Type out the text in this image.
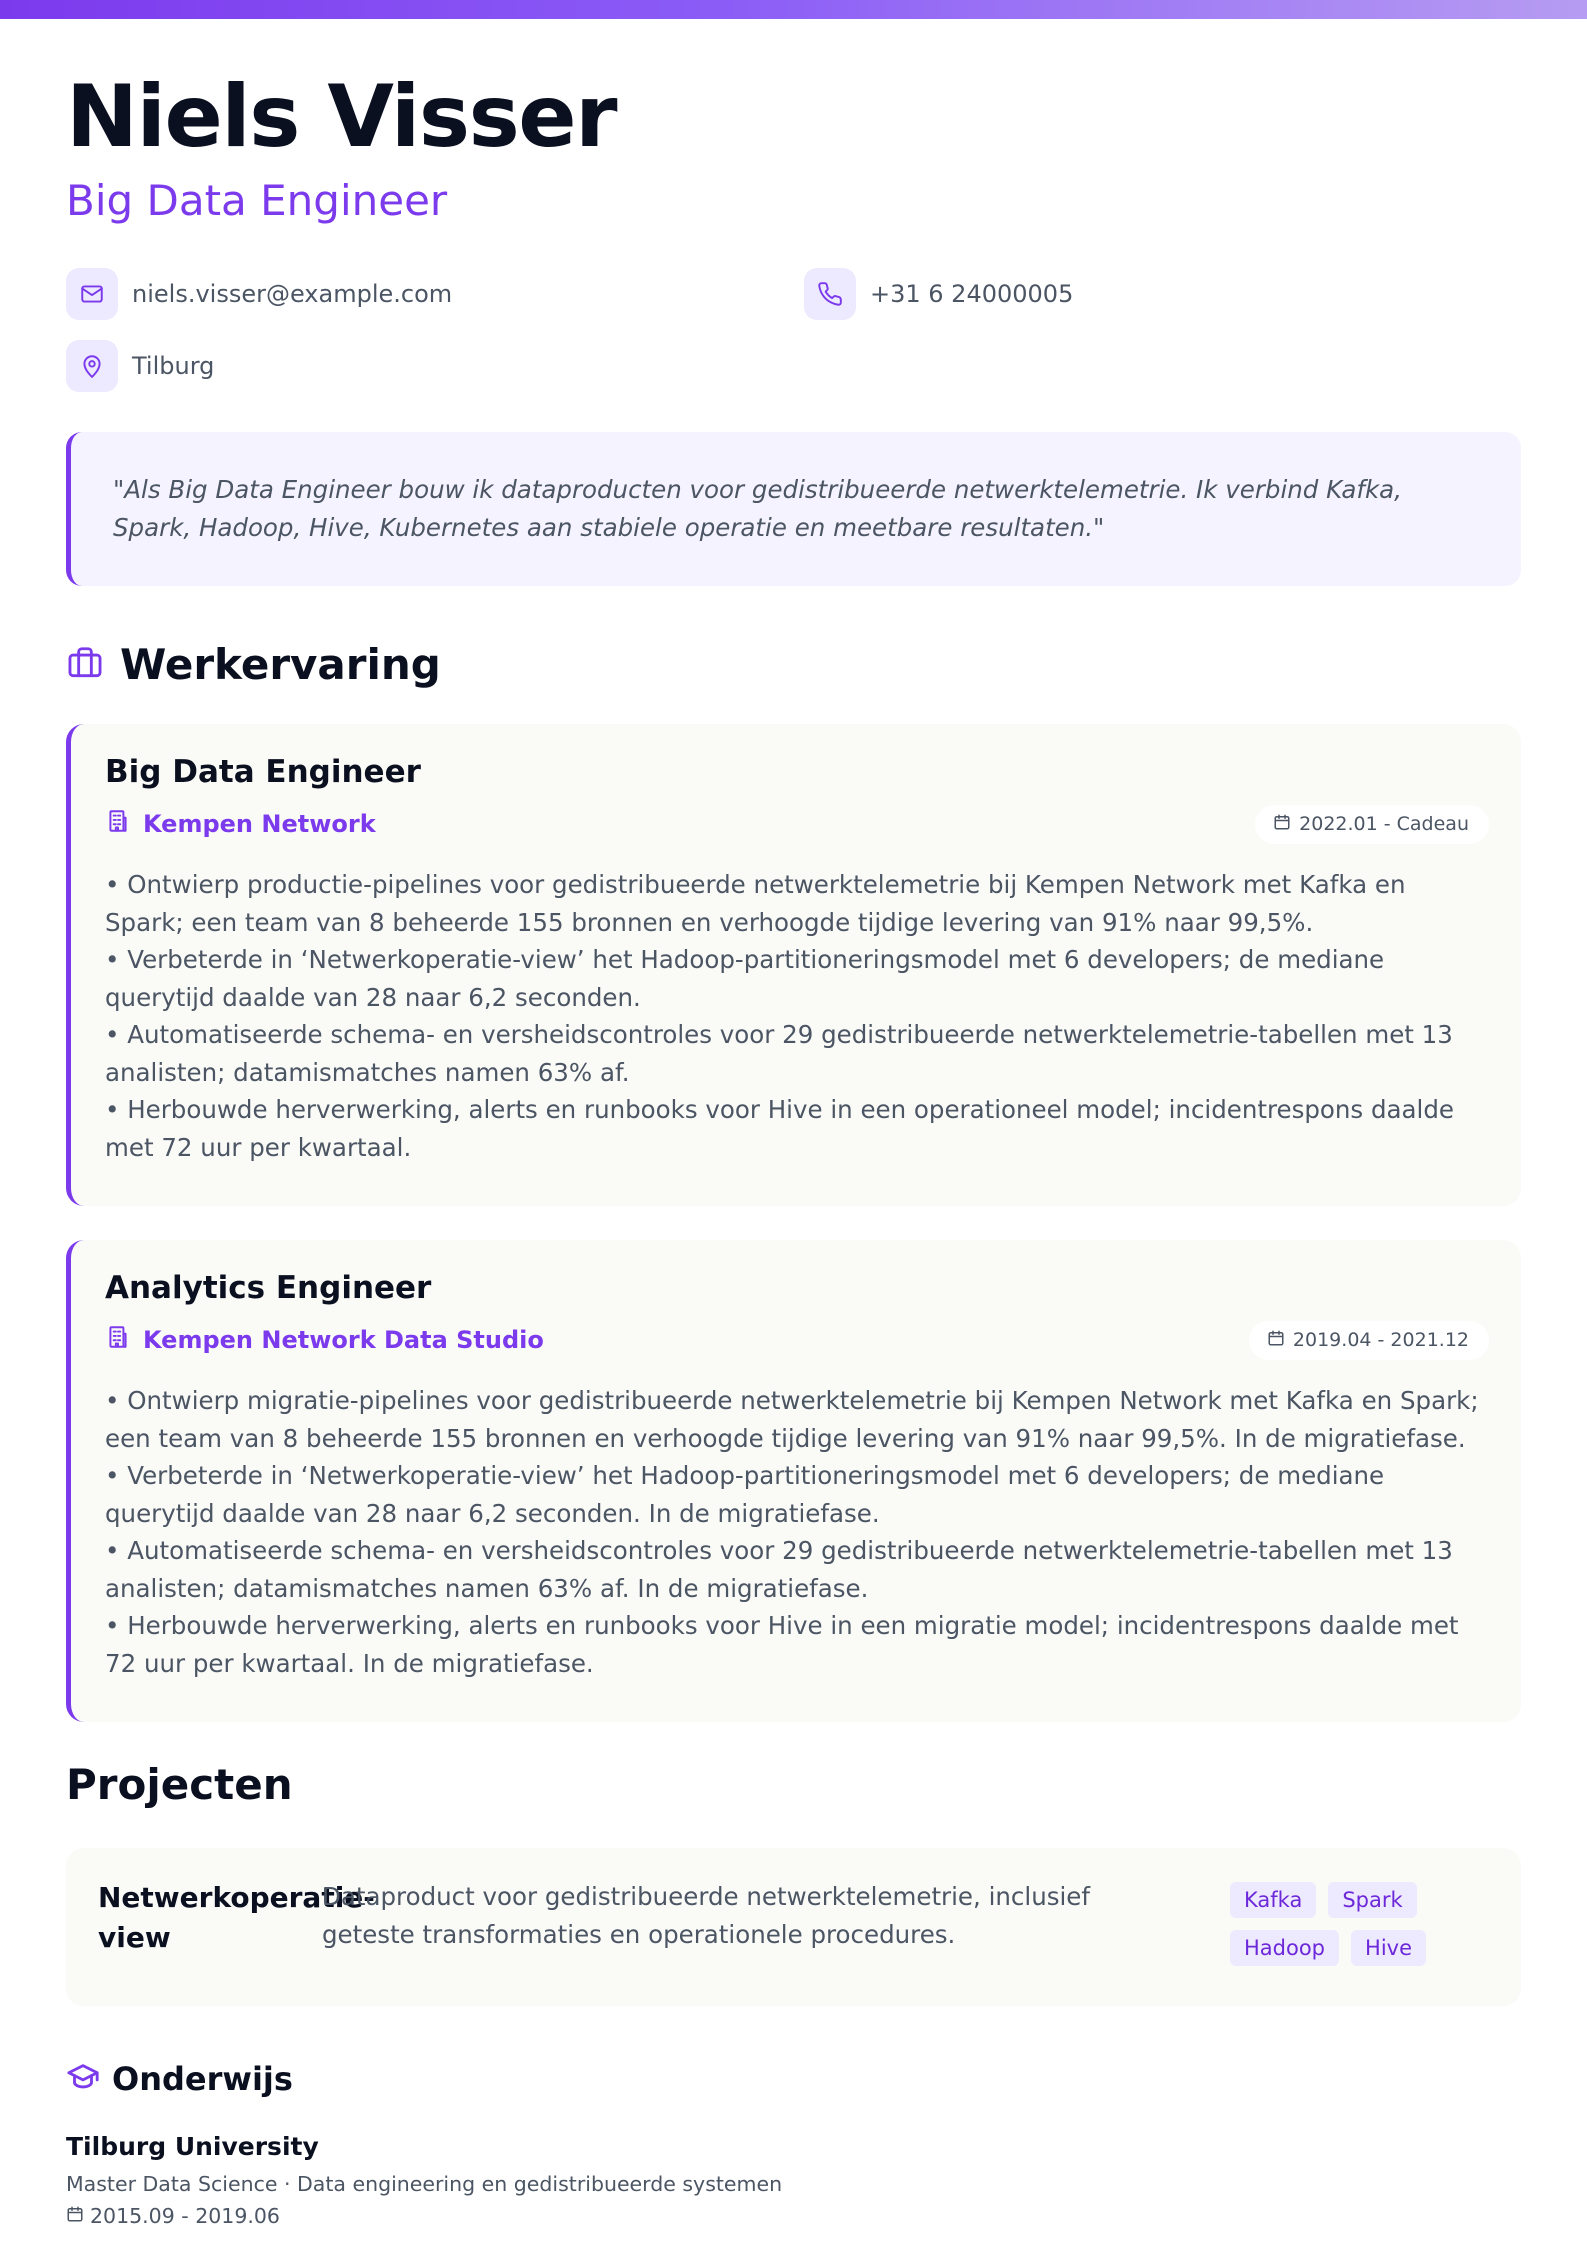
Niels Visser
Big Data Engineer
niels.visser@example.com	+31 6 24000005
Tilburg
"Als Big Data Engineer bouw ik dataproducten voor gedistribueerde netwerktelemetrie. Ik verbind Kafka, Spark, Hadoop, Hive, Kubernetes aan stabiele operatie en meetbare resultaten."
Werkervaring
Big Data Engineer
Kempen Network	2022.01 - Cadeau
• Ontwierp productie-pipelines voor gedistribueerde netwerktelemetrie bij Kempen Network met Kafka en Spark; een team van 8 beheerde 155 bronnen en verhoogde tijdige levering van 91% naar 99,5%.
• Verbeterde in ‘Netwerkoperatie-view’ het Hadoop-partitioneringsmodel met 6 developers; de mediane querytijd daalde van 28 naar 6,2 seconden.
• Automatiseerde schema- en versheidscontroles voor 29 gedistribueerde netwerktelemetrie-tabellen met 13 analisten; datamismatches namen 63% af.
• Herbouwde herverwerking, alerts en runbooks voor Hive in een operationeel model; incidentrespons daalde met 72 uur per kwartaal.
Analytics Engineer
Kempen Network Data Studio	2019.04 - 2021.12
• Ontwierp migratie-pipelines voor gedistribueerde netwerktelemetrie bij Kempen Network met Kafka en Spark; een team van 8 beheerde 155 bronnen en verhoogde tijdige levering van 91% naar 99,5%. In de migratiefase.
• Verbeterde in ‘Netwerkoperatie-view’ het Hadoop-partitioneringsmodel met 6 developers; de mediane querytijd daalde van 28 naar 6,2 seconden. In de migratiefase.
• Automatiseerde schema- en versheidscontroles voor 29 gedistribueerde netwerktelemetrie-tabellen met 13 analisten; datamismatches namen 63% af. In de migratiefase.
• Herbouwde herverwerking, alerts en runbooks voor Hive in een migratie model; incidentrespons daalde met 72 uur per kwartaal. In de migratiefase.
Projecten
Netwerkoperatie-view
Dataproduct voor gedistribueerde netwerktelemetrie, inclusief geteste transformaties en operationele procedures.
Kafka	Spark
Hadoop	Hive
Onderwijs
Tilburg University
Master Data Science · Data engineering en gedistribueerde systemen
2015.09 - 2019.06
